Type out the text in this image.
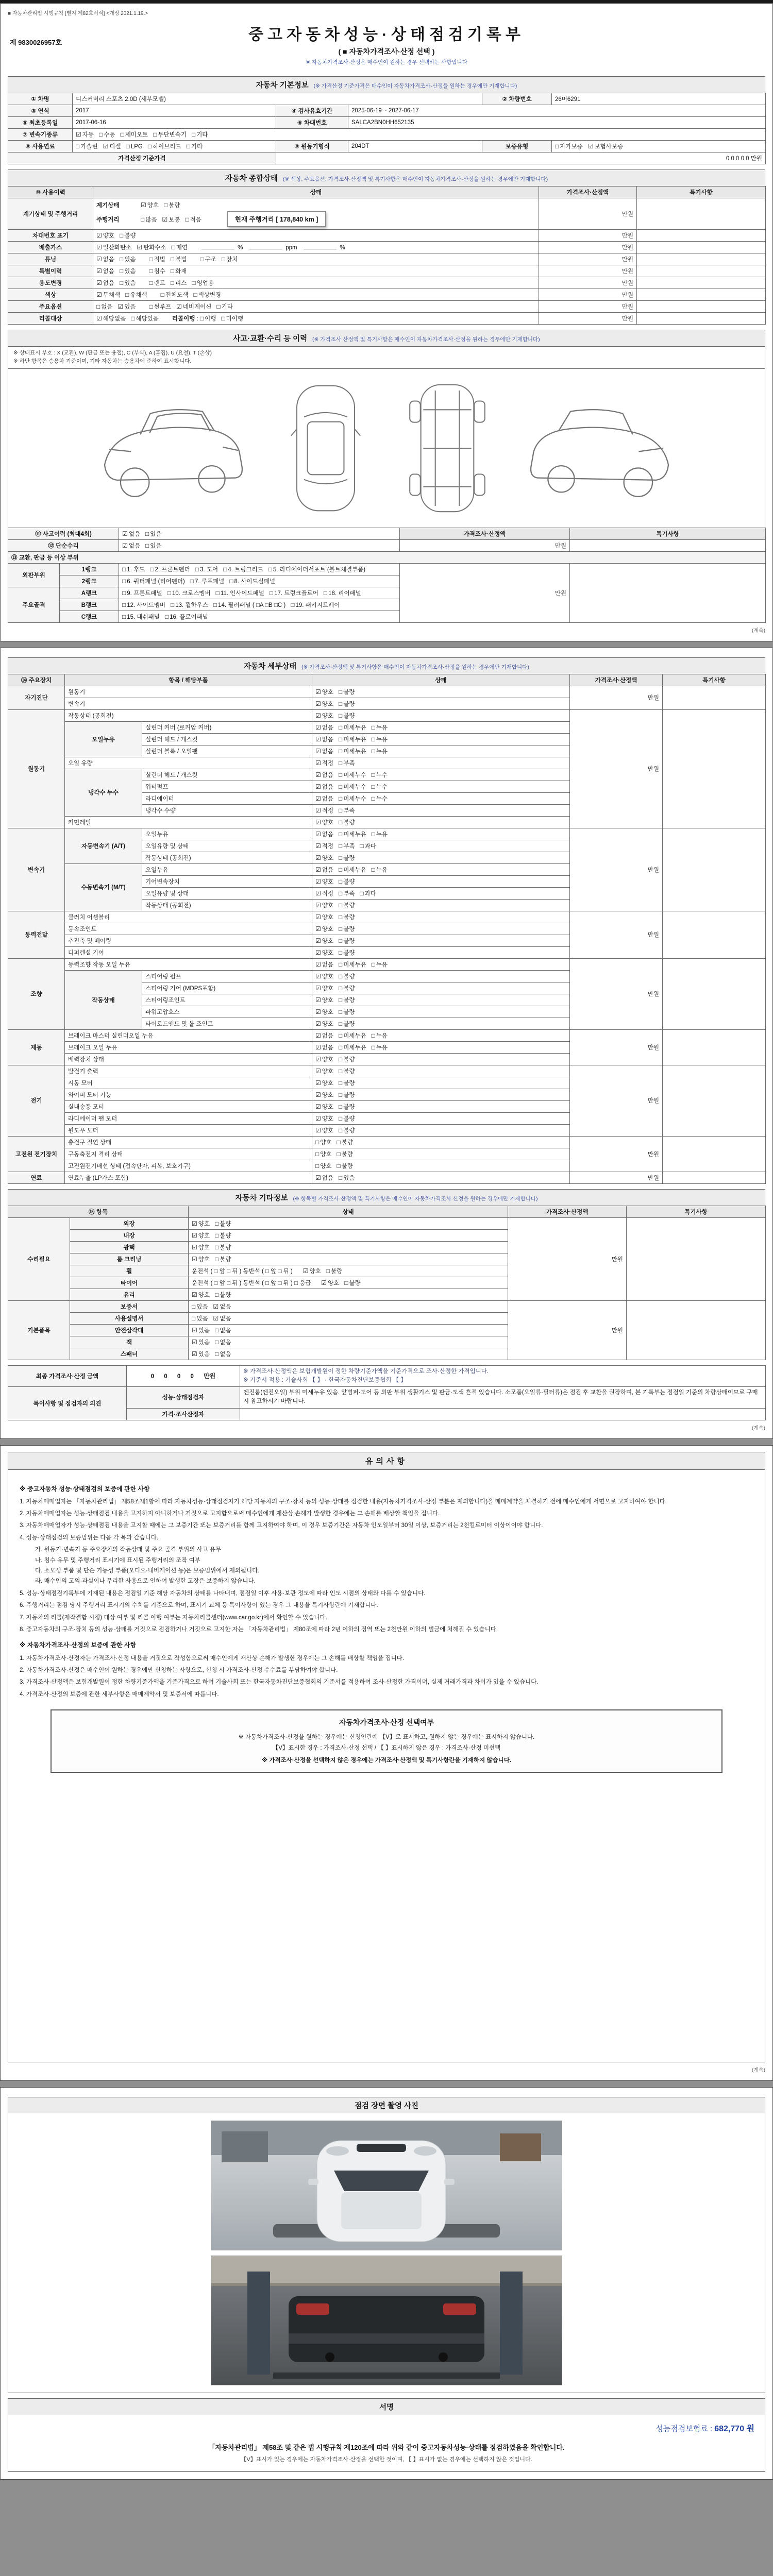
■ 자동차관리법 시행규칙 [별지 제82호서식] <개정 2021.1.19.>
제 9830026957호	중고자동차성능·상태점검기록부
( ■ 자동차가격조사·산정 선택 )
※ 자동차가격조사·산정은 매수인이 원하는 경우 선택하는 사항입니다
자동차 기본정보 (※ 가격산정 기준가격은 매수인이 자동차가격조사·산정을 원하는 경우에만 기재합니다)
① 차명	디스커버리 스포츠 2.0D (세부모델)			② 차량번호	26머6291
③ 연식	2017	④ 검사유효기간	2025-06-19 ~ 2027-06-17		
⑤ 최초등록일	2017-06-16	⑥ 차대번호	SALCA2BN0HH652135		
⑦ 변속기종류	☑ 자동 □ 수동 □ 세미오토 □ 무단변속기 □ 기타				
⑧ 사용연료	□ 가솔린 ☑ 디젤 □ LPG □ 하이브리드 □ 기타	⑨ 원동기형식	204DT	보증유형	□ 자가보증 ☑ 보험사보증
가격산정 기준가격		0 0 0 0 0 만원			
자동차 종합상태 (※ 색상, 주요옵션, 가격조사·산정액 및 특기사항은 매수인이 자동차가격조사·산정을 원하는 경우에만 기재합니다)
⑩ 사용이력	상태	가격조사·산정액	특기사항
계기상태 및 주행거리	계기상태 ☑ 양호 □ 불량
주행거리 □ 많음 ☑ 보통 □ 적음 현재 주행거리 [ 178,840 km ]	만원	
차대번호 표기	☑ 양호 □ 불량	만원	
배출가스	☑ 일산화탄소 ☑ 탄화수소 □ 매연 % ppm %	만원	
튜닝	☑ 없음 □ 있음 □ 적법 □ 불법 □ 구조 □ 장치	만원	
특별이력	☑ 없음 □ 있음 □ 침수 □ 화재	만원	
용도변경	☑ 없음 □ 있음 □ 렌트 □ 리스 □ 영업용	만원	
색상	☑ 무채색 □ 유채색 □ 전체도색 □ 색상변경	만원	
주요옵션	□ 없음 ☑ 있음 □ 썬루프 ☑ 네비게이션 □ 기타	만원	
리콜대상	☑ 해당없음 □ 해당있음 리콜이행 : □ 이행 □ 미이행	만원	
사고·교환·수리 등 이력 (※ 가격조사·산정액 및 특기사항은 매수인이 자동차가격조사·산정을 원하는 경우에만 기재합니다)
※ 상태표시 부호 : X (교환), W (판금 또는 용접), C (부식), A (흠집), U (요철), T (손상)
※ 하단 항목은 승용차 기준이며, 기타 자동차는 승용차에 준하여 표시합니다.
⑪ 사고이력 (최대4회)		☑ 없음 □ 있음	가격조사·산정액	특기사항
⑫ 단순수리		☑ 없음 □ 있음	만원	
⑬ 교환, 판금 등 이상 부위				
외판부위	1랭크	□ 1. 후드 □ 2. 프론트펜더 □ 3. 도어 □ 4. 트렁크리드 □ 5. 라디에이터서포트 (볼트체결부품)	만원	
	2랭크	□ 6. 쿼터패널 (리어펜더) □ 7. 루프패널 □ 8. 사이드실패널		
주요골격	A랭크	□ 9. 프론트패널 □ 10. 크로스멤버 □ 11. 인사이드패널 □ 17. 트렁크플로어 □ 18. 리어패널		
	B랭크	□ 12. 사이드멤버 □ 13. 휠하우스 □ 14. 필러패널 ( □A □B □C ) □ 19. 패키지트레이		
	C랭크	□ 15. 대쉬패널 □ 16. 플로어패널		
(계속)
자동차 세부상태 (※ 가격조사·산정액 및 특기사항은 매수인이 자동차가격조사·산정을 원하는 경우에만 기재합니다)
⑭ 주요장치	항목 / 해당부품		상태	가격조사·산정액	특기사항
자기진단	원동기		☑ 양호 □ 불량	만원	
	변속기		☑ 양호 □ 불량		
원동기	작동상태 (공회전)		☑ 양호 □ 불량	만원	
	오일누유	실린더 커버 (로커암 커버)	☑ 없음 □ 미세누유 □ 누유		
		실린더 헤드 / 개스킷	☑ 없음 □ 미세누유 □ 누유		
		실린더 블록 / 오일팬	☑ 없음 □ 미세누유 □ 누유		
	오일 유량		☑ 적정 □ 부족		
	냉각수 누수	실린더 헤드 / 개스킷	☑ 없음 □ 미세누수 □ 누수		
		워터펌프	☑ 없음 □ 미세누수 □ 누수		
		라디에이터	☑ 없음 □ 미세누수 □ 누수		
		냉각수 수량	☑ 적정 □ 부족		
	커먼레일		☑ 양호 □ 불량		
변속기	자동변속기 (A/T)	오일누유	☑ 없음 □ 미세누유 □ 누유	만원	
		오일유량 및 상태	☑ 적정 □ 부족 □ 과다		
		작동상태 (공회전)	☑ 양호 □ 불량		
	수동변속기 (M/T)	오일누유	☑ 없음 □ 미세누유 □ 누유		
		기어변속장치	☑ 양호 □ 불량		
		오일유량 및 상태	☑ 적정 □ 부족 □ 과다		
		작동상태 (공회전)	☑ 양호 □ 불량		
동력전달	클러치 어셈블리		☑ 양호 □ 불량	만원	
	등속조인트		☑ 양호 □ 불량		
	추진축 및 베어링		☑ 양호 □ 불량		
	디퍼렌셜 기어		☑ 양호 □ 불량		
조향	동력조향 작동 오일 누유		☑ 없음 □ 미세누유 □ 누유	만원	
	작동상태	스티어링 펌프	☑ 양호 □ 불량		
		스티어링 기어 (MDPS포함)	☑ 양호 □ 불량		
		스티어링조인트	☑ 양호 □ 불량		
		파워고압호스	☑ 양호 □ 불량		
		타이로드엔드 및 볼 조인트	☑ 양호 □ 불량		
제동	브레이크 마스터 실린더오일 누유		☑ 없음 □ 미세누유 □ 누유	만원	
	브레이크 오일 누유		☑ 없음 □ 미세누유 □ 누유		
	배력장치 상태		☑ 양호 □ 불량		
전기	발전기 출력		☑ 양호 □ 불량	만원	
	시동 모터		☑ 양호 □ 불량		
	와이퍼 모터 기능		☑ 양호 □ 불량		
	실내송풍 모터		☑ 양호 □ 불량		
	라디에이터 팬 모터		☑ 양호 □ 불량		
	윈도우 모터		☑ 양호 □ 불량		
고전원 전기장치	충전구 절연 상태		□ 양호 □ 불량	만원	
	구동축전지 격리 상태		□ 양호 □ 불량		
	고전원전기배선 상태 (접속단자, 피복, 보호기구)		□ 양호 □ 불량		
연료	연료누출 (LP가스 포함)		☑ 없음 □ 있음	만원	
자동차 기타정보 (※ 항목별 가격조사·산정액 및 특기사항은 매수인이 자동차가격조사·산정을 원하는 경우에만 기재합니다)
⑮ 항목		상태	가격조사·산정액	특기사항
수리필요	외장	☑ 양호 □ 불량	만원	
	내장	☑ 양호 □ 불량		
	광택	☑ 양호 □ 불량		
	룸 크리닝	☑ 양호 □ 불량		
	휠	운전석 ( □ 앞 □ 뒤 ) 동반석 ( □ 앞 □ 뒤 ) ☑ 양호 □ 불량		
	타이어	운전석 ( □ 앞 □ 뒤 ) 동반석 ( □ 앞 □ 뒤 ) □ 응급 ☑ 양호 □ 불량		
	유리	☑ 양호 □ 불량		
기본품목	보증서	□ 있음 ☑ 없음	만원	
	사용설명서	□ 있음 ☑ 없음		
	안전삼각대	☑ 있음 □ 없음		
	잭	☑ 있음 □ 없음		
	스패너	☑ 있음 □ 없음		
최종 가격조사·산정 금액	0 0 0 0 만원	※ 가격조사·산정액은 보험개발원이 정한 차량기준가액을 기준가격으로 조사·산정한 가격입니다.
※ 기준서 적용 : 기술사회 【 】 · 한국자동차진단보증협회 【 】

특이사항 및 점검자의 의견	성능·상태점검자	엔진룸(엔진오일) 부위 미세누유 있음. 앞범퍼·도어 등 외판 부위 생활기스 및 판금·도색 흔적 있습니다. 소모품(오일류·필터류)은 점검 후 교환을 권장하며, 본 기록부는 점검일 기준의 차량상태이므로 구매 시 참고하시기 바랍니다.
	가격·조사산정자	
(계속)
유의사항
※ 중고자동차 성능·상태점검의 보증에 관한 사항
1. 자동차매매업자는 「자동차관리법」 제58조제1항에 따라 자동차성능·상태점검자가 해당 자동차의 구조·장치 등의 성능·상태를 점검한 내용(자동차가격조사·산정 부분은 제외합니다)을 매매계약을 체결하기 전에 매수인에게 서면으로 고지하여야 합니다.
2. 자동차매매업자는 성능·상태점검 내용을 고지하지 아니하거나 거짓으로 고지함으로써 매수인에게 재산상 손해가 발생한 경우에는 그 손해를 배상할 책임을 집니다.
3. 자동차매매업자가 성능·상태점검 내용을 고지할 때에는 그 보증기간 또는 보증거리를 함께 고지하여야 하며, 이 경우 보증기간은 자동차 인도일부터 30일 이상, 보증거리는 2천킬로미터 이상이어야 합니다.
4. 성능·상태점검의 보증범위는 다음 각 목과 같습니다.
가. 원동기·변속기 등 주요장치의 작동상태 및 주요 골격 부위의 사고 유무
나. 침수 유무 및 주행거리 표시기에 표시된 주행거리의 조작 여부
다. 소모성 부품 및 단순 기능성 부품(오디오·내비게이션 등)은 보증범위에서 제외됩니다.
라. 매수인의 고의·과실이나 무리한 사용으로 인하여 발생한 고장은 보증하지 않습니다.
5. 성능·상태점검기록부에 기재된 내용은 점검일 기준 해당 자동차의 상태를 나타내며, 점검일 이후 사용·보관 정도에 따라 인도 시점의 상태와 다를 수 있습니다.
6. 주행거리는 점검 당시 주행거리 표시기의 수치를 기준으로 하며, 표시기 교체 등 특이사항이 있는 경우 그 내용을 특기사항란에 기재합니다.
7. 자동차의 리콜(제작결함 시정) 대상 여부 및 리콜 이행 여부는 자동차리콜센터(www.car.go.kr)에서 확인할 수 있습니다.
8. 중고자동차의 구조·장치 등의 성능·상태를 거짓으로 점검하거나 거짓으로 고지한 자는 「자동차관리법」 제80조에 따라 2년 이하의 징역 또는 2천만원 이하의 벌금에 처해질 수 있습니다.
※ 자동차가격조사·산정의 보증에 관한 사항
1. 자동차가격조사·산정자는 가격조사·산정 내용을 거짓으로 작성함으로써 매수인에게 재산상 손해가 발생한 경우에는 그 손해를 배상할 책임을 집니다.
2. 자동차가격조사·산정은 매수인이 원하는 경우에만 신청하는 사항으로, 신청 시 가격조사·산정 수수료를 부담하여야 합니다.
3. 가격조사·산정액은 보험개발원이 정한 차량기준가액을 기준가격으로 하여 기술사회 또는 한국자동차진단보증협회의 기준서를 적용하여 조사·산정한 가격이며, 실제 거래가격과 차이가 있을 수 있습니다.
4. 가격조사·산정의 보증에 관한 세부사항은 매매계약서 및 보증서에 따릅니다.
자동차가격조사·산정 선택여부
※ 자동차가격조사·산정을 원하는 경우에는 신청인란에 【V】로 표시하고, 원하지 않는 경우에는 표시하지 않습니다.
【V】표시한 경우 : 가격조사·산정 선택 / 【 】표시하지 않은 경우 : 가격조사·산정 미선택
※ 가격조사·산정을 선택하지 않은 경우에는 가격조사·산정액 및 특기사항란을 기재하지 않습니다.
(계속)
점검 장면 촬영 사진
서명
성능점검보험료 : 682,770 원
「자동차관리법」 제58조 및 같은 법 시행규칙 제120조에 따라 위와 같이 중고자동차성능·상태를 점검하였음을 확인합니다.
【V】표시가 있는 경우에는 자동차가격조사·산정을 선택한 것이며, 【 】표시가 없는 경우에는 선택하지 않은 것입니다.
